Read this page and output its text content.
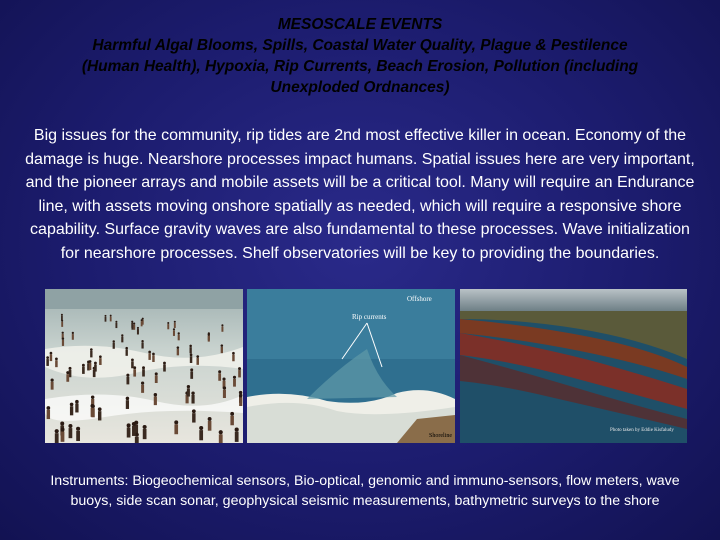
MESOSCALE EVENTS
Harmful Algal Blooms, Spills, Coastal Water Quality, Plague & Pestilence
(Human Health), Hypoxia, Rip Currents, Beach Erosion, Pollution (including
Unexploded Ordnances)
Big issues for the community, rip tides are 2nd most effective killer in ocean. Economy of the damage is huge. Nearshore processes impact humans. Spatial issues here are very important, and the pioneer arrays and mobile assets will be a critical tool. Many will require an Endurance line, with assets moving onshore spatially as needed, which will require a responsive shore capability. Surface gravity waves are also fundamental to these processes. Wave initialization for nearshore processes. Shelf observatories will be key to providing the boundaries.
Offshore
Rip currents
Shoreline
Photo taken by Eddie Kisfaludy
Instruments: Biogeochemical sensors, Bio-optical, genomic and immuno-sensors, flow meters, wave buoys, side scan sonar, geophysical seismic measurements, bathymetric surveys to the shore
